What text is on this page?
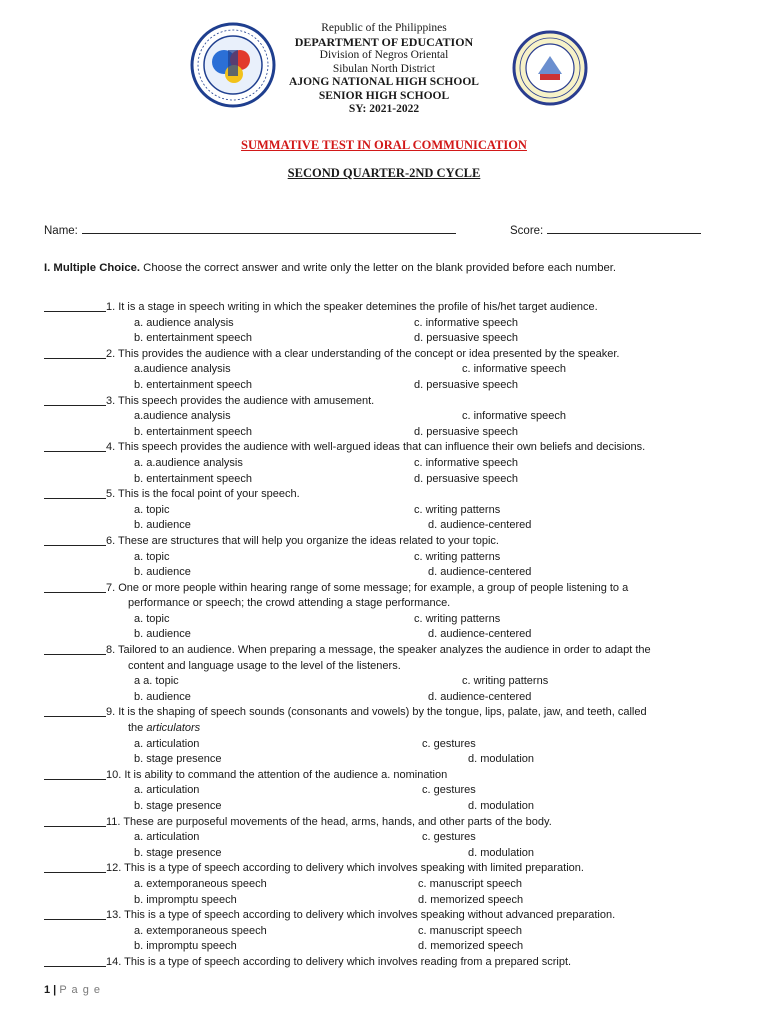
Republic of the Philippines
DEPARTMENT OF EDUCATION
Division of Negros Oriental
Sibulan North District
AJONG NATIONAL HIGH SCHOOL
SENIOR HIGH SCHOOL
SY: 2021-2022
SUMMATIVE TEST IN ORAL COMMUNICATION
SECOND QUARTER-2ND CYCLE
Name:	Score:
I. Multiple Choice. Choose the correct answer and write only the letter on the blank provided before each number.
1. It is a stage in speech writing in which the speaker detemines the profile of his/het target audience.
a. audience analysis	c. informative speech
b. entertainment speech	d. persuasive speech
2. This provides the audience with a clear understanding of the concept or idea presented by the speaker.
a.audience analysis	c. informative speech
b. entertainment speech	d. persuasive speech
3. This speech provides the audience with amusement.
a.audience analysis	c. informative speech
b. entertainment speech	d. persuasive speech
4. This speech provides the audience with well-argued ideas that can influence their own beliefs and decisions.
a. a.audience analysis	c. informative speech
b. entertainment speech	d. persuasive speech
5. This is the focal point of your speech.
a. topic	c. writing patterns
b. audience	d. audience-centered
6. These are structures that will help you organize the ideas related to your topic.
a. topic	c. writing patterns
b. audience	d. audience-centered
7. One or more people within hearing range of some message; for example, a group of people listening to a
performance or speech; the crowd attending a stage performance.
a. topic	c. writing patterns
b. audience	d. audience-centered
8. Tailored to an audience. When preparing a message, the speaker analyzes the audience in order to adapt the
content and language usage to the level of the listeners.
a a. topic	c. writing patterns
b. audience	d. audience-centered
9. It is the shaping of speech sounds (consonants and vowels) by the tongue, lips, palate, jaw, and teeth, called
the articulators
a. articulation	c. gestures
b. stage presence	d. modulation
10. It is ability to command the attention of the audience a. nomination
a. articulation	c. gestures
b. stage presence	d. modulation
11. These are purposeful movements of the head, arms, hands, and other parts of the body.
a. articulation	c. gestures
b. stage presence	d. modulation
12. This is a type of speech according to delivery which involves speaking with limited preparation.
a. extemporaneous speech	c. manuscript speech
b. impromptu speech	d. memorized speech
13. This is a type of speech according to delivery which involves speaking without advanced preparation.
a. extemporaneous speech	c. manuscript speech
b. impromptu speech	d. memorized speech
14. This is a type of speech according to delivery which involves reading from a prepared script.
1 | P a g e
